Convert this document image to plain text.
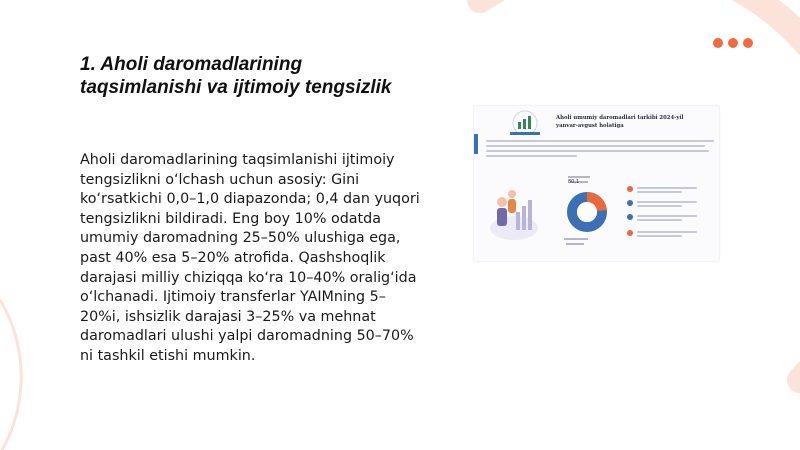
1. Aholi daromadlarining taqsimlanishi va ijtimoiy tengsizlik

Aholi daromadlarining taqsimlanishi ijtimoiy tengsizlikni o‘lchash uchun asosiy: Gini ko‘rsatkichi 0,0–1,0 diapazonda; 0,4 dan yuqori tengsizlikni bildiradi. Eng boy 10% odatda umumiy daromadning 25–50% ulushiga ega, past 40% esa 5–20% atrofida. Qashshoqlik darajasi milliy chiziqqa ko‘ra 10–40% oralig‘ida o‘lchanadi. Ijtimoiy transferlar YAIMning 5–20%i, ishsizlik darajasi 3–25% va mehnat daromadlari ulushi yalpi daromadning 50–70% ni tashkil etishi mumkin.

Aholi umumiy daromadlari tarkibi 2024-yil yanvar-avgust holatiga
80,1
